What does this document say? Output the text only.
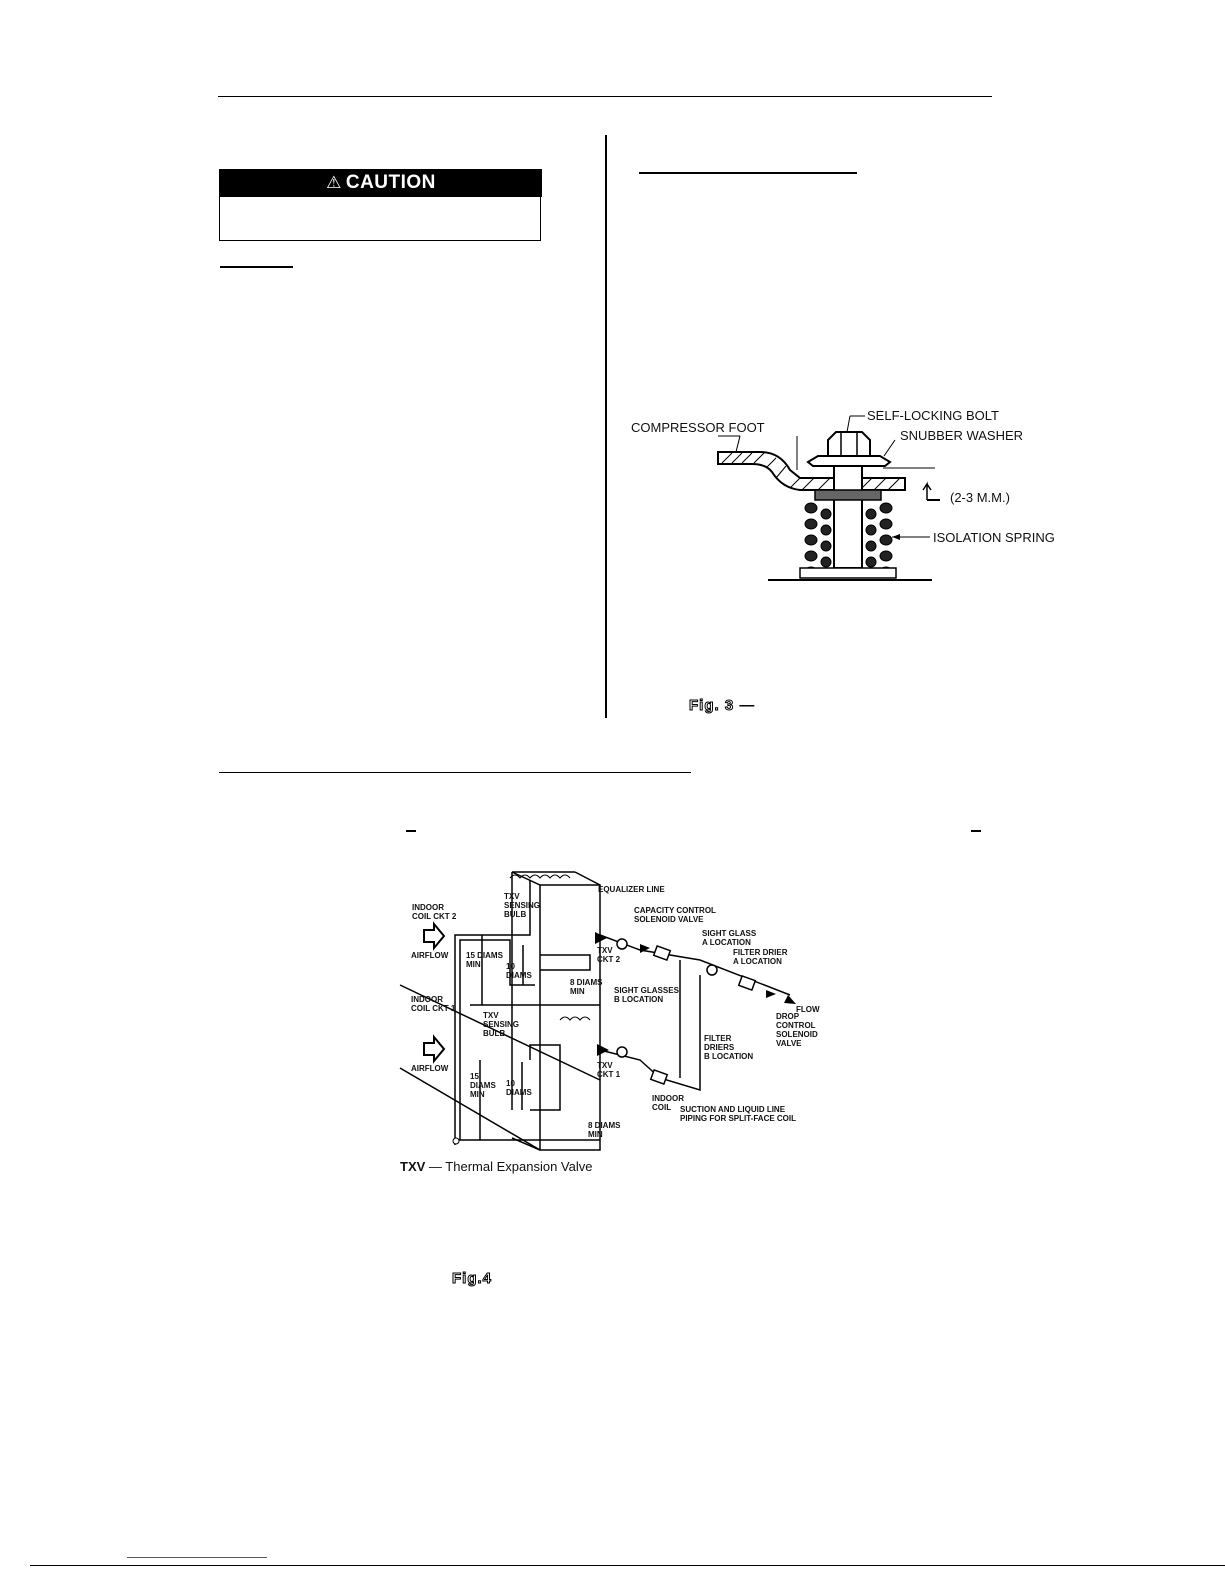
⚠ CAUTION
COMPRESSOR FOOT
SELF-LOCKING BOLT
SNUBBER WASHER
(2-3 M.M.)
ISOLATION SPRING
Fig. 3 —
EQUALIZER LINE
TXV
SENSING
BULB
INDOOR
COIL CKT 2
CAPACITY CONTROL
SOLENOID VALVE
SIGHT GLASS
A LOCATION
FILTER DRIER
A LOCATION
AIRFLOW 15 DIAMS
MIN	10
DIAMS
TXV
CKT 2
8 DIAMS
MIN	SIGHT GLASSES
B LOCATION
FLOW
INDOOR
COIL CKT 1
TXV
SENSING
BULB
DROP
CONTROL
SOLENOID
VALVE
FILTER
DRIERS
B LOCATION
AIRFLOW
15
DIAMS
MIN
10
DIAMS
TXV
CKT 1
INDOOR
COIL	SUCTION AND LIQUID LINE
PIPING FOR SPLIT-FACE COIL
8 DIAMS
MIN
TXV — Thermal Expansion Valve
Fig.4
